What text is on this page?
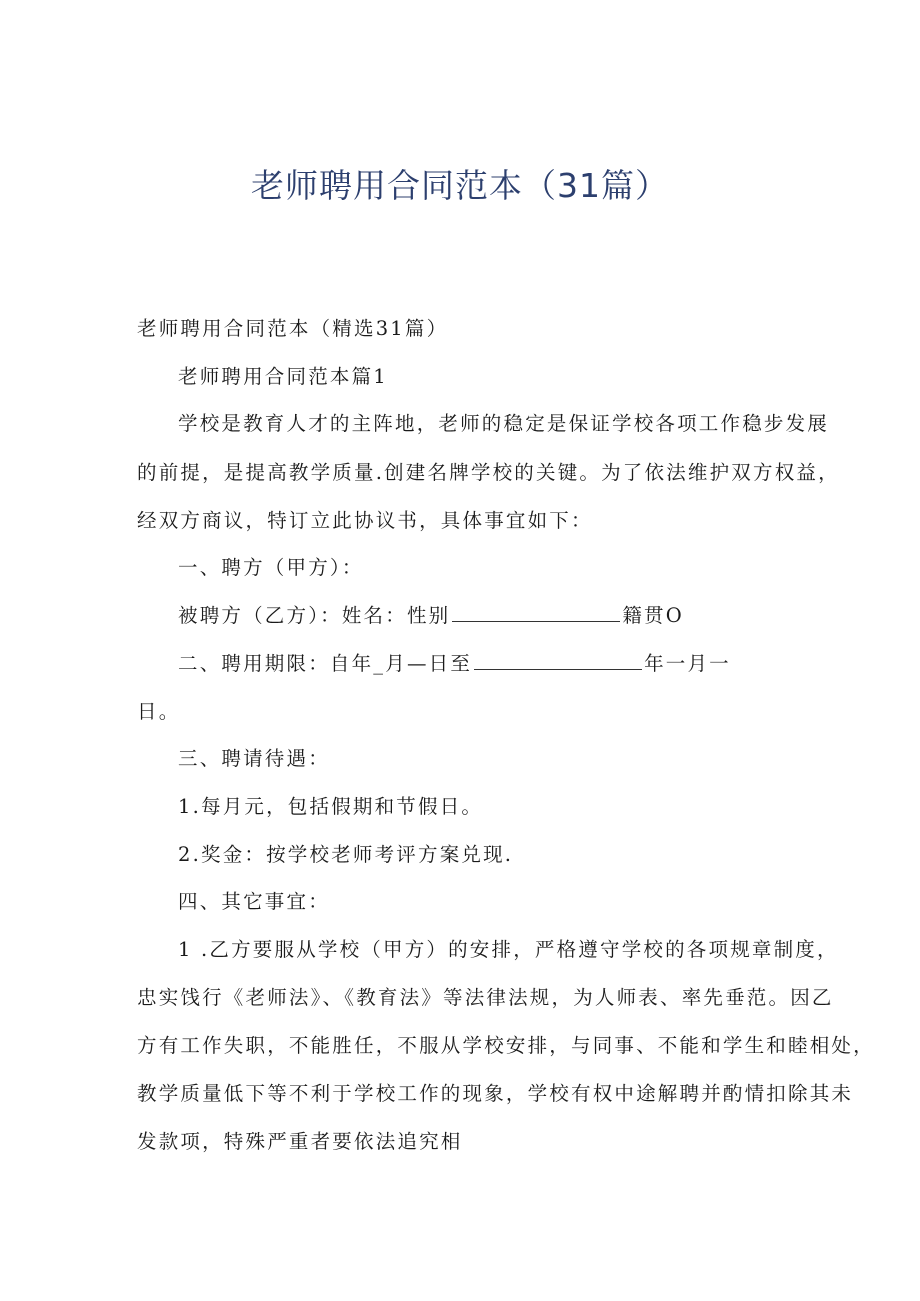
老师聘用合同范本（31篇）
老师聘用合同范本（精选31篇）
老师聘用合同范本篇1
学校是教育人才的主阵地，老师的稳定是保证学校各项工作稳步发展
的前提，是提高教学质量.创建名牌学校的关键。为了依法维护双方权益，
经双方商议，特订立此协议书，具体事宜如下：
一、聘方（甲方）：
被聘方（乙方）：姓名：性别	籍贯O
二、聘用期限：自年_月—日至	年一月一
日。
三、聘请待遇：
1.每月元，包括假期和节假日。
2.奖金：按学校老师考评方案兑现.
四、其它事宜：
1 .乙方要服从学校（甲方）的安排，严格遵守学校的各项规章制度，
忠实饯行《老师法》、《教育法》等法律法规，为人师表、率先垂范。因乙
方有工作失职，不能胜任，不服从学校安排，与同事、不能和学生和睦相处，
教学质量低下等不利于学校工作的现象，学校有权中途解聘并酌情扣除其未
发款项，特殊严重者要依法追究相
